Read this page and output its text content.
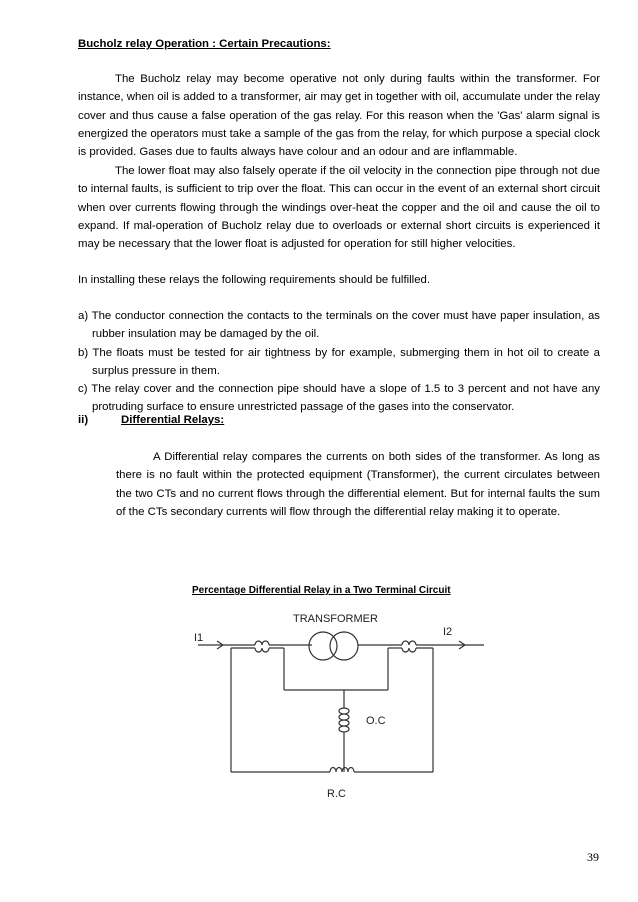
Bucholz relay Operation : Certain Precautions:

The Bucholz relay may become operative not only during faults within the transformer. For instance, when oil is added to a transformer, air may get in together with oil, accumulate under the relay cover and thus cause a false operation of the gas relay. For this reason when the 'Gas' alarm signal is energized the operators must take a sample of the gas from the relay, for which purpose a special clock is provided. Gases due to faults always have colour and an odour and are inflammable.

The lower float may also falsely operate if the oil velocity in the connection pipe through not due to internal faults, is sufficient to trip over the float. This can occur in the event of an external short circuit when over currents flowing through the windings over-heat the copper and the oil and cause the oil to expand. If mal-operation of Bucholz relay due to overloads or external short circuits is experienced it may be necessary that the lower float is adjusted for operation for still higher velocities.

In installing these relays the following requirements should be fulfilled.

a) The conductor connection the contacts to the terminals on the cover must have paper insulation, as rubber insulation may be damaged by the oil.
b) The floats must be tested for air tightness by for example, submerging them in hot oil to create a surplus pressure in them.
c) The relay cover and the connection pipe should have a slope of 1.5 to 3 percent and not have any protruding surface to ensure unrestricted passage of the gases into the conservator.
ii)	Differential Relays:

A Differential relay compares the currents on both sides of the transformer. As long as there is no fault within the protected equipment (Transformer), the current circulates between the two CTs and no current flows through the differential element. But for internal faults the sum of the CTs secondary currents will flow through the differential relay making it to operate.

Percentage Differential Relay in a Two Terminal Circuit
TRANSFORMER
I1	I2
O.C
R.C
39
